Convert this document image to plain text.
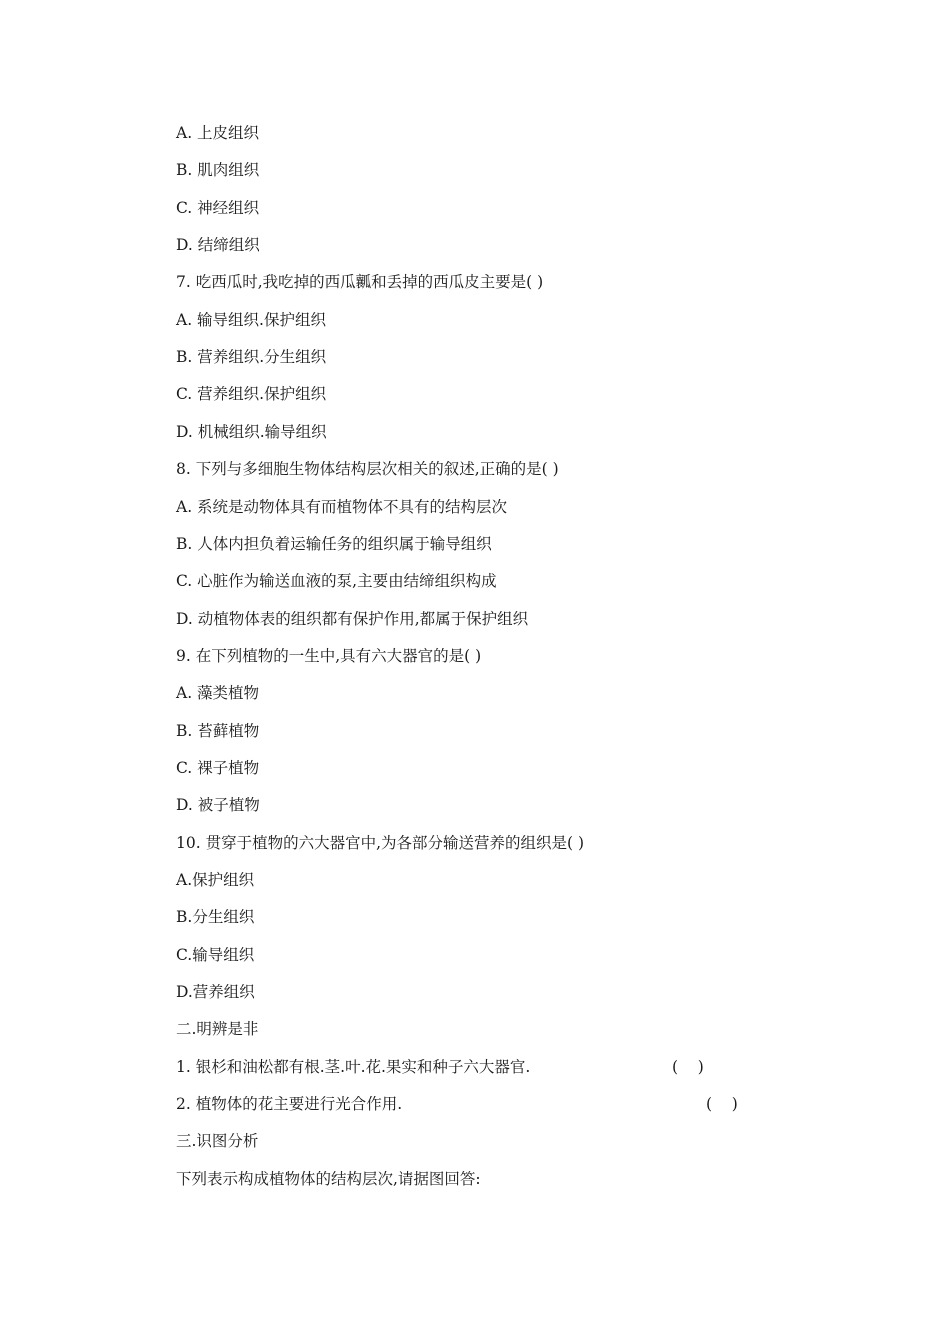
A. 上皮组织
B. 肌肉组织
C. 神经组织
D. 结缔组织
7. 吃西瓜时,我吃掉的西瓜瓤和丢掉的西瓜皮主要是( )
A. 输导组织.保护组织
B. 营养组织.分生组织
C. 营养组织.保护组织
D. 机械组织.输导组织
8. 下列与多细胞生物体结构层次相关的叙述,正确的是( )
A. 系统是动物体具有而植物体不具有的结构层次
B. 人体内担负着运输任务的组织属于输导组织
C. 心脏作为输送血液的泵,主要由结缔组织构成
D. 动植物体表的组织都有保护作用,都属于保护组织
9. 在下列植物的一生中,具有六大器官的是( )
A. 藻类植物
B. 苔藓植物
C. 裸子植物
D. 被子植物
10. 贯穿于植物的六大器官中,为各部分输送营养的组织是( )
A.保护组织
B.分生组织
C.输导组织
D.营养组织
二.明辨是非
1. 银杉和油松都有根.茎.叶.花.果实和种子六大器官.	(    )
2. 植物体的花主要进行光合作用.	(    )
三.识图分析
下列表示构成植物体的结构层次,请据图回答:
